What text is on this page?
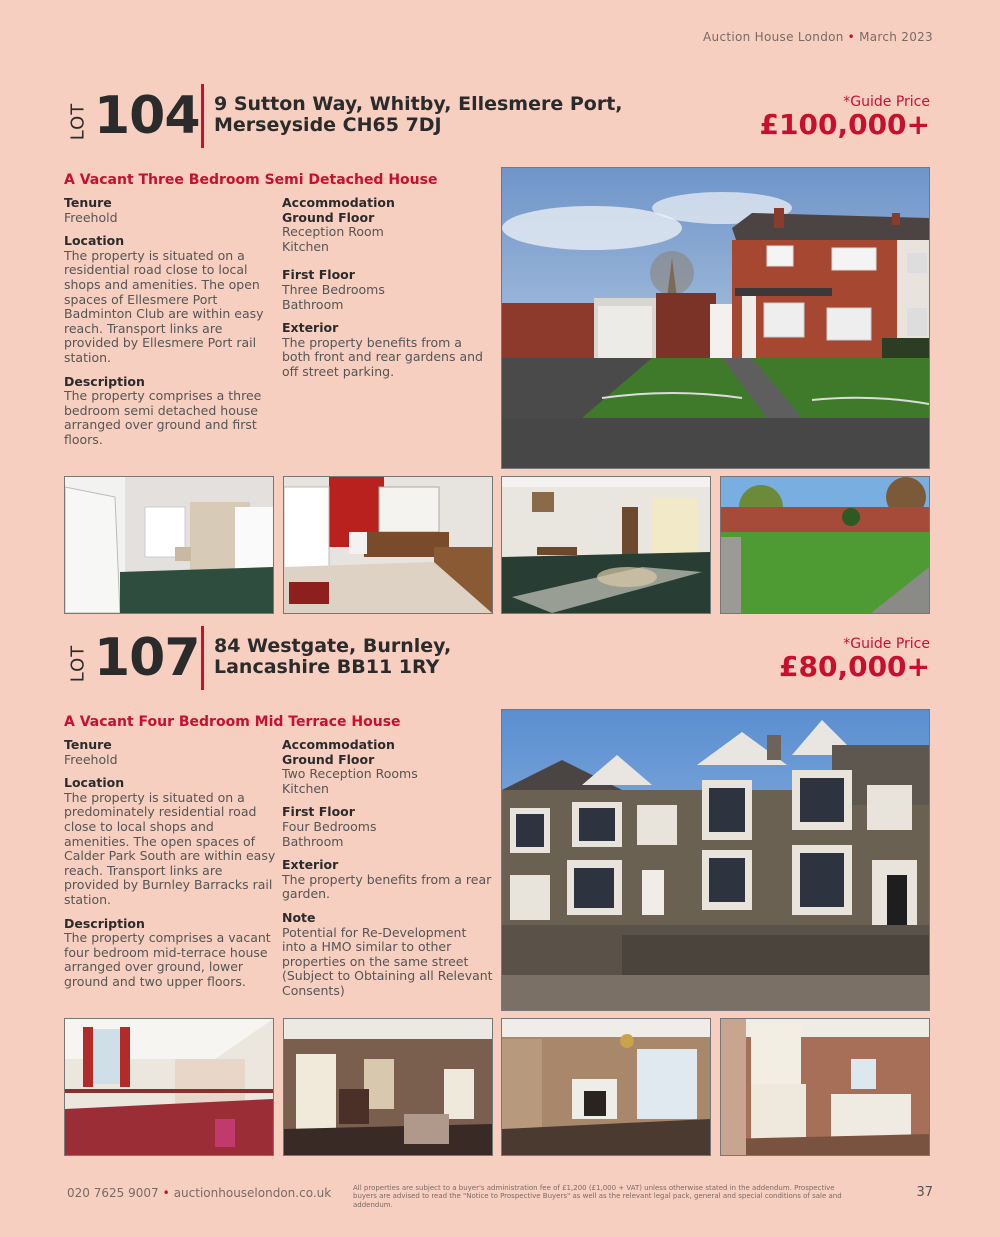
Auction House London • March 2023
LOT 104 9 Sutton Way, Whitby, Ellesmere Port,
Merseyside CH65 7DJ
*Guide Price
£100,000+
A Vacant Three Bedroom Semi Detached House
Tenure
Freehold
Location
The property is situated on a residential road close to local shops and amenities. The open spaces of Ellesmere Port Badminton Club are within easy reach. Transport links are provided by Ellesmere Port rail station.
Description
The property comprises a three bedroom semi detached house arranged over ground and first floors.
Accommodation
Ground Floor
Reception Room
Kitchen
First Floor
Three Bedrooms
Bathroom
Exterior
The property benefits from a both front and rear gardens and off street parking.
LOT 107 84 Westgate, Burnley,
Lancashire BB11 1RY
*Guide Price
£80,000+
A Vacant Four Bedroom Mid Terrace House
Tenure
Freehold
Location
The property is situated on a predominately residential road close to local shops and amenities. The open spaces of Calder Park South are within easy reach. Transport links are provided by Burnley Barracks rail station.
Description
The property comprises a vacant four bedroom mid-terrace house arranged over ground, lower ground and two upper floors.
Accommodation
Ground Floor
Two Reception Rooms
Kitchen
First Floor
Four Bedrooms
Bathroom
Exterior
The property benefits from a rear garden.
Note
Potential for Re-Development into a HMO similar to other properties on the same street (Subject to Obtaining all Relevant Consents)
020 7625 9007 • auctionhouselondon.co.uk	All properties are subject to a buyer's administration fee of £1,200 (£1,000 + VAT) unless otherwise stated in the addendum. Prospective buyers are advised to read the "Notice to Prospective Buyers" as well as the relevant legal pack, general and special conditions of sale and addendum.
37
